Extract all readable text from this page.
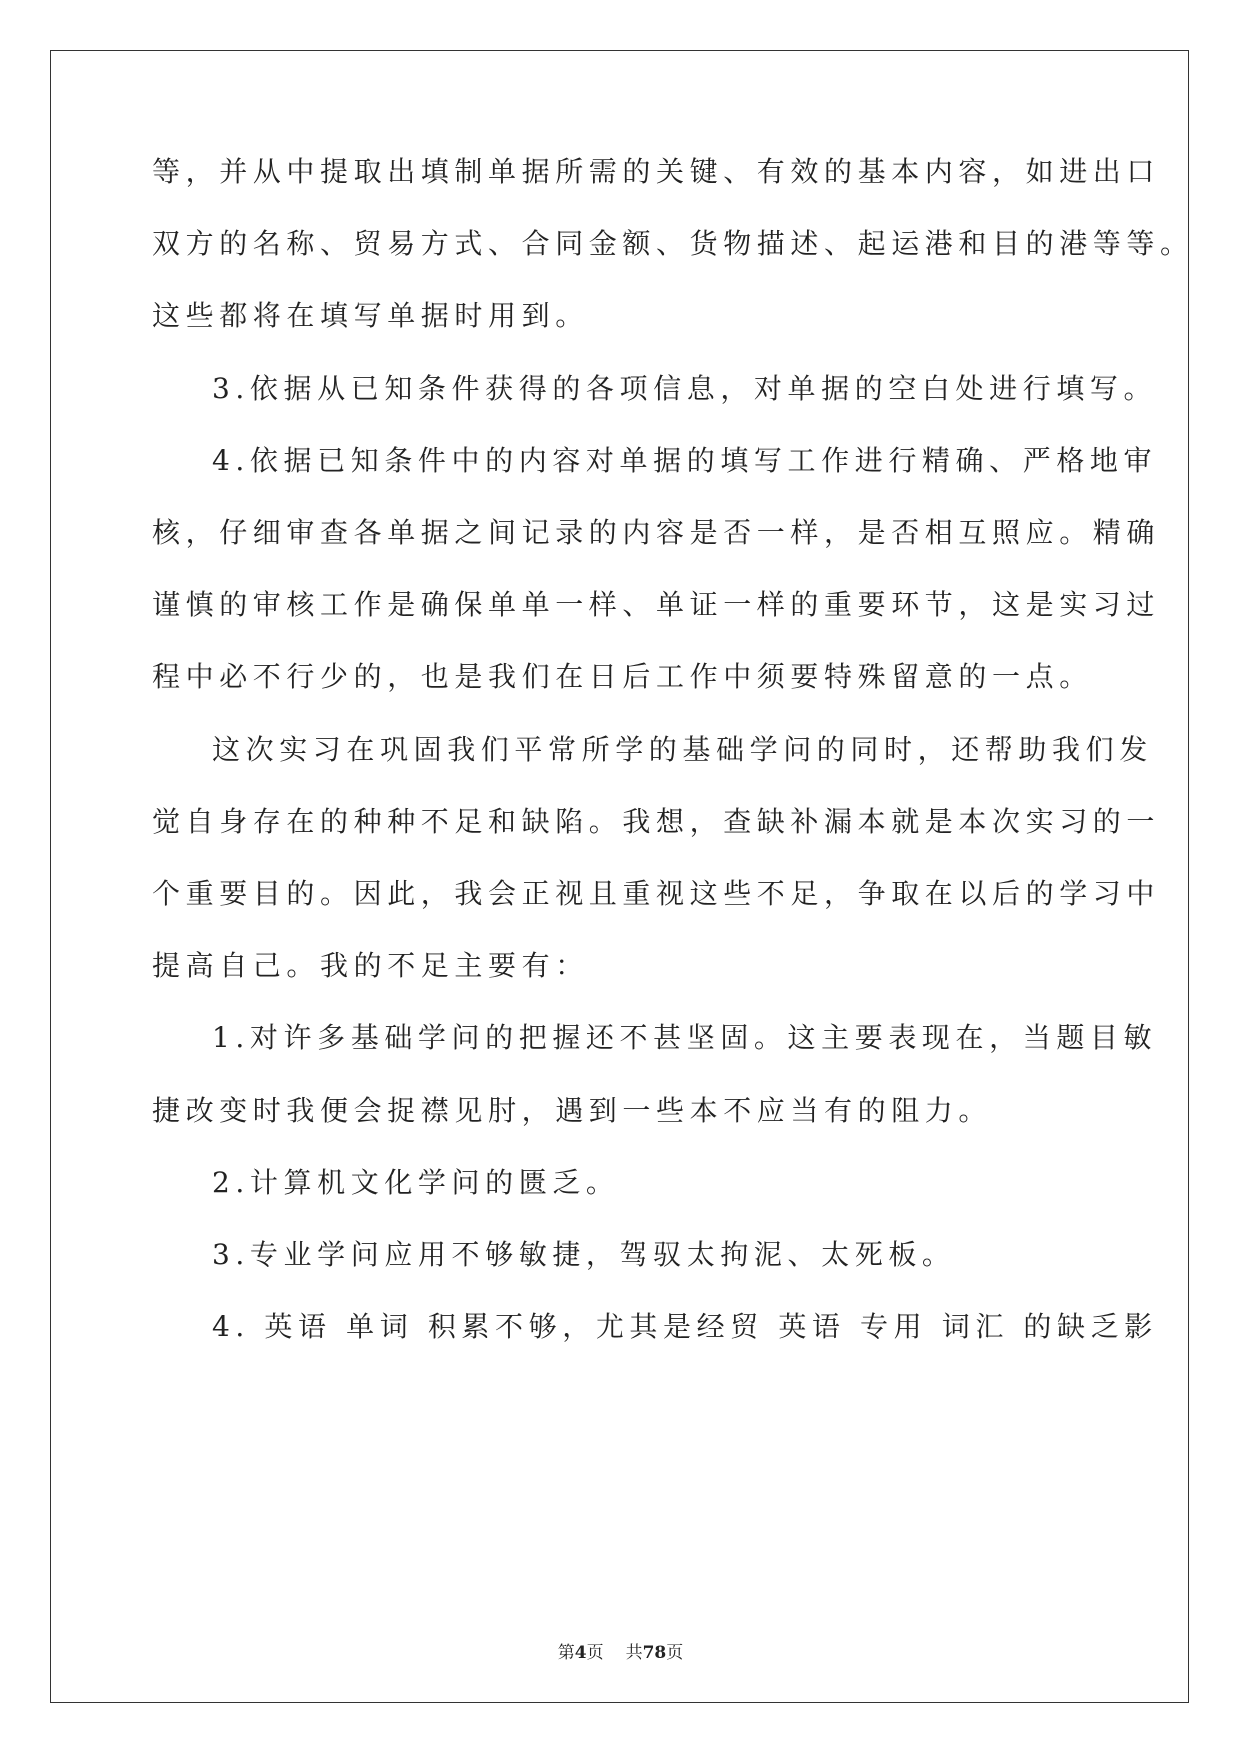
等，并从中提取出填制单据所需的关键、有效的基本内容，如进出口
双方的名称、贸易方式、合同金额、货物描述、起运港和目的港等等。
这些都将在填写单据时用到。
3.依据从已知条件获得的各项信息，对单据的空白处进行填写。
4.依据已知条件中的内容对单据的填写工作进行精确、严格地审
核，仔细审查各单据之间记录的内容是否一样，是否相互照应。精确
谨慎的审核工作是确保单单一样、单证一样的重要环节，这是实习过
程中必不行少的，也是我们在日后工作中须要特殊留意的一点。
这次实习在巩固我们平常所学的基础学问的同时，还帮助我们发
觉自身存在的种种不足和缺陷。我想，查缺补漏本就是本次实习的一
个重要目的。因此，我会正视且重视这些不足，争取在以后的学习中
提高自己。我的不足主要有：
1.对许多基础学问的把握还不甚坚固。这主要表现在，当题目敏
捷改变时我便会捉襟见肘，遇到一些本不应当有的阻力。
2.计算机文化学问的匮乏。
3.专业学问应用不够敏捷，驾驭太拘泥、太死板。
4. 英语 单词 积累不够，尤其是经贸 英语 专用 词汇 的缺乏影
第4页 共78页
